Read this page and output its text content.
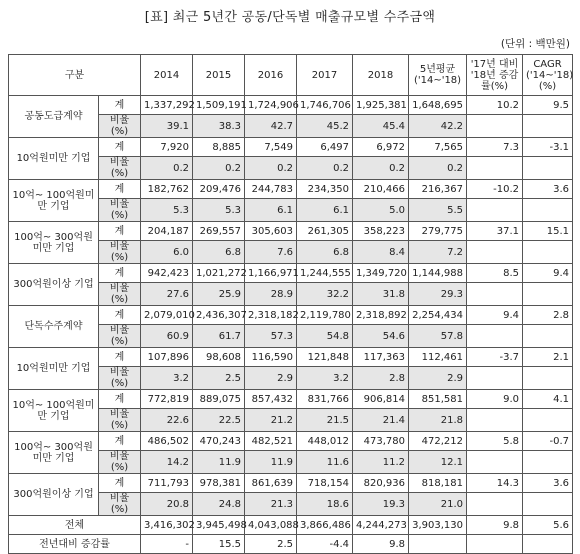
[표] 최근 5년간 공동/단독별 매출규모별 수주금액
(단위 : 백만원)
구분		2014	2015	2016	2017	2018	5년평균 ('14~'18)	'17년 대비 '18년 증감률(%)	CAGR ('14~'18) (%)
공동도급계약	계	1,337,292	1,509,191	1,724,906	1,746,706	1,925,381	1,648,695	10.2	9.5
	비율(%)	39.1	38.3	42.7	45.2	45.4	42.2		
10억원미만 기업	계	7,920	8,885	7,549	6,497	6,972	7,565	7.3	-3.1
	비율(%)	0.2	0.2	0.2	0.2	0.2	0.2		
10억~ 100억원미만 기업	계	182,762	209,476	244,783	234,350	210,466	216,367	-10.2	3.6
	비율(%)	5.3	5.3	6.1	6.1	5.0	5.5		
100억~ 300억원미만 기업	계	204,187	269,557	305,603	261,305	358,223	279,775	37.1	15.1
	비율(%)	6.0	6.8	7.6	6.8	8.4	7.2		
300억원이상 기업	계	942,423	1,021,272	1,166,971	1,244,555	1,349,720	1,144,988	8.5	9.4
	비율(%)	27.6	25.9	28.9	32.2	31.8	29.3		
단독수주계약	계	2,079,010	2,436,307	2,318,182	2,119,780	2,318,892	2,254,434	9.4	2.8
	비율(%)	60.9	61.7	57.3	54.8	54.6	57.8		
10억원미만 기업	계	107,896	98,608	116,590	121,848	117,363	112,461	-3.7	2.1
	비율(%)	3.2	2.5	2.9	3.2	2.8	2.9		
10억~ 100억원미만 기업	계	772,819	889,075	857,432	831,766	906,814	851,581	9.0	4.1
	비율(%)	22.6	22.5	21.2	21.5	21.4	21.8		
100억~ 300억원미만 기업	계	486,502	470,243	482,521	448,012	473,780	472,212	5.8	-0.7
	비율(%)	14.2	11.9	11.9	11.6	11.2	12.1		
300억원이상 기업	계	711,793	978,381	861,639	718,154	820,936	818,181	14.3	3.6
	비율(%)	20.8	24.8	21.3	18.6	19.3	21.0		
전체		3,416,302	3,945,498	4,043,088	3,866,486	4,244,273	3,903,130	9.8	5.6
전년대비 증감률		-	15.5	2.5	-4.4	9.8			
